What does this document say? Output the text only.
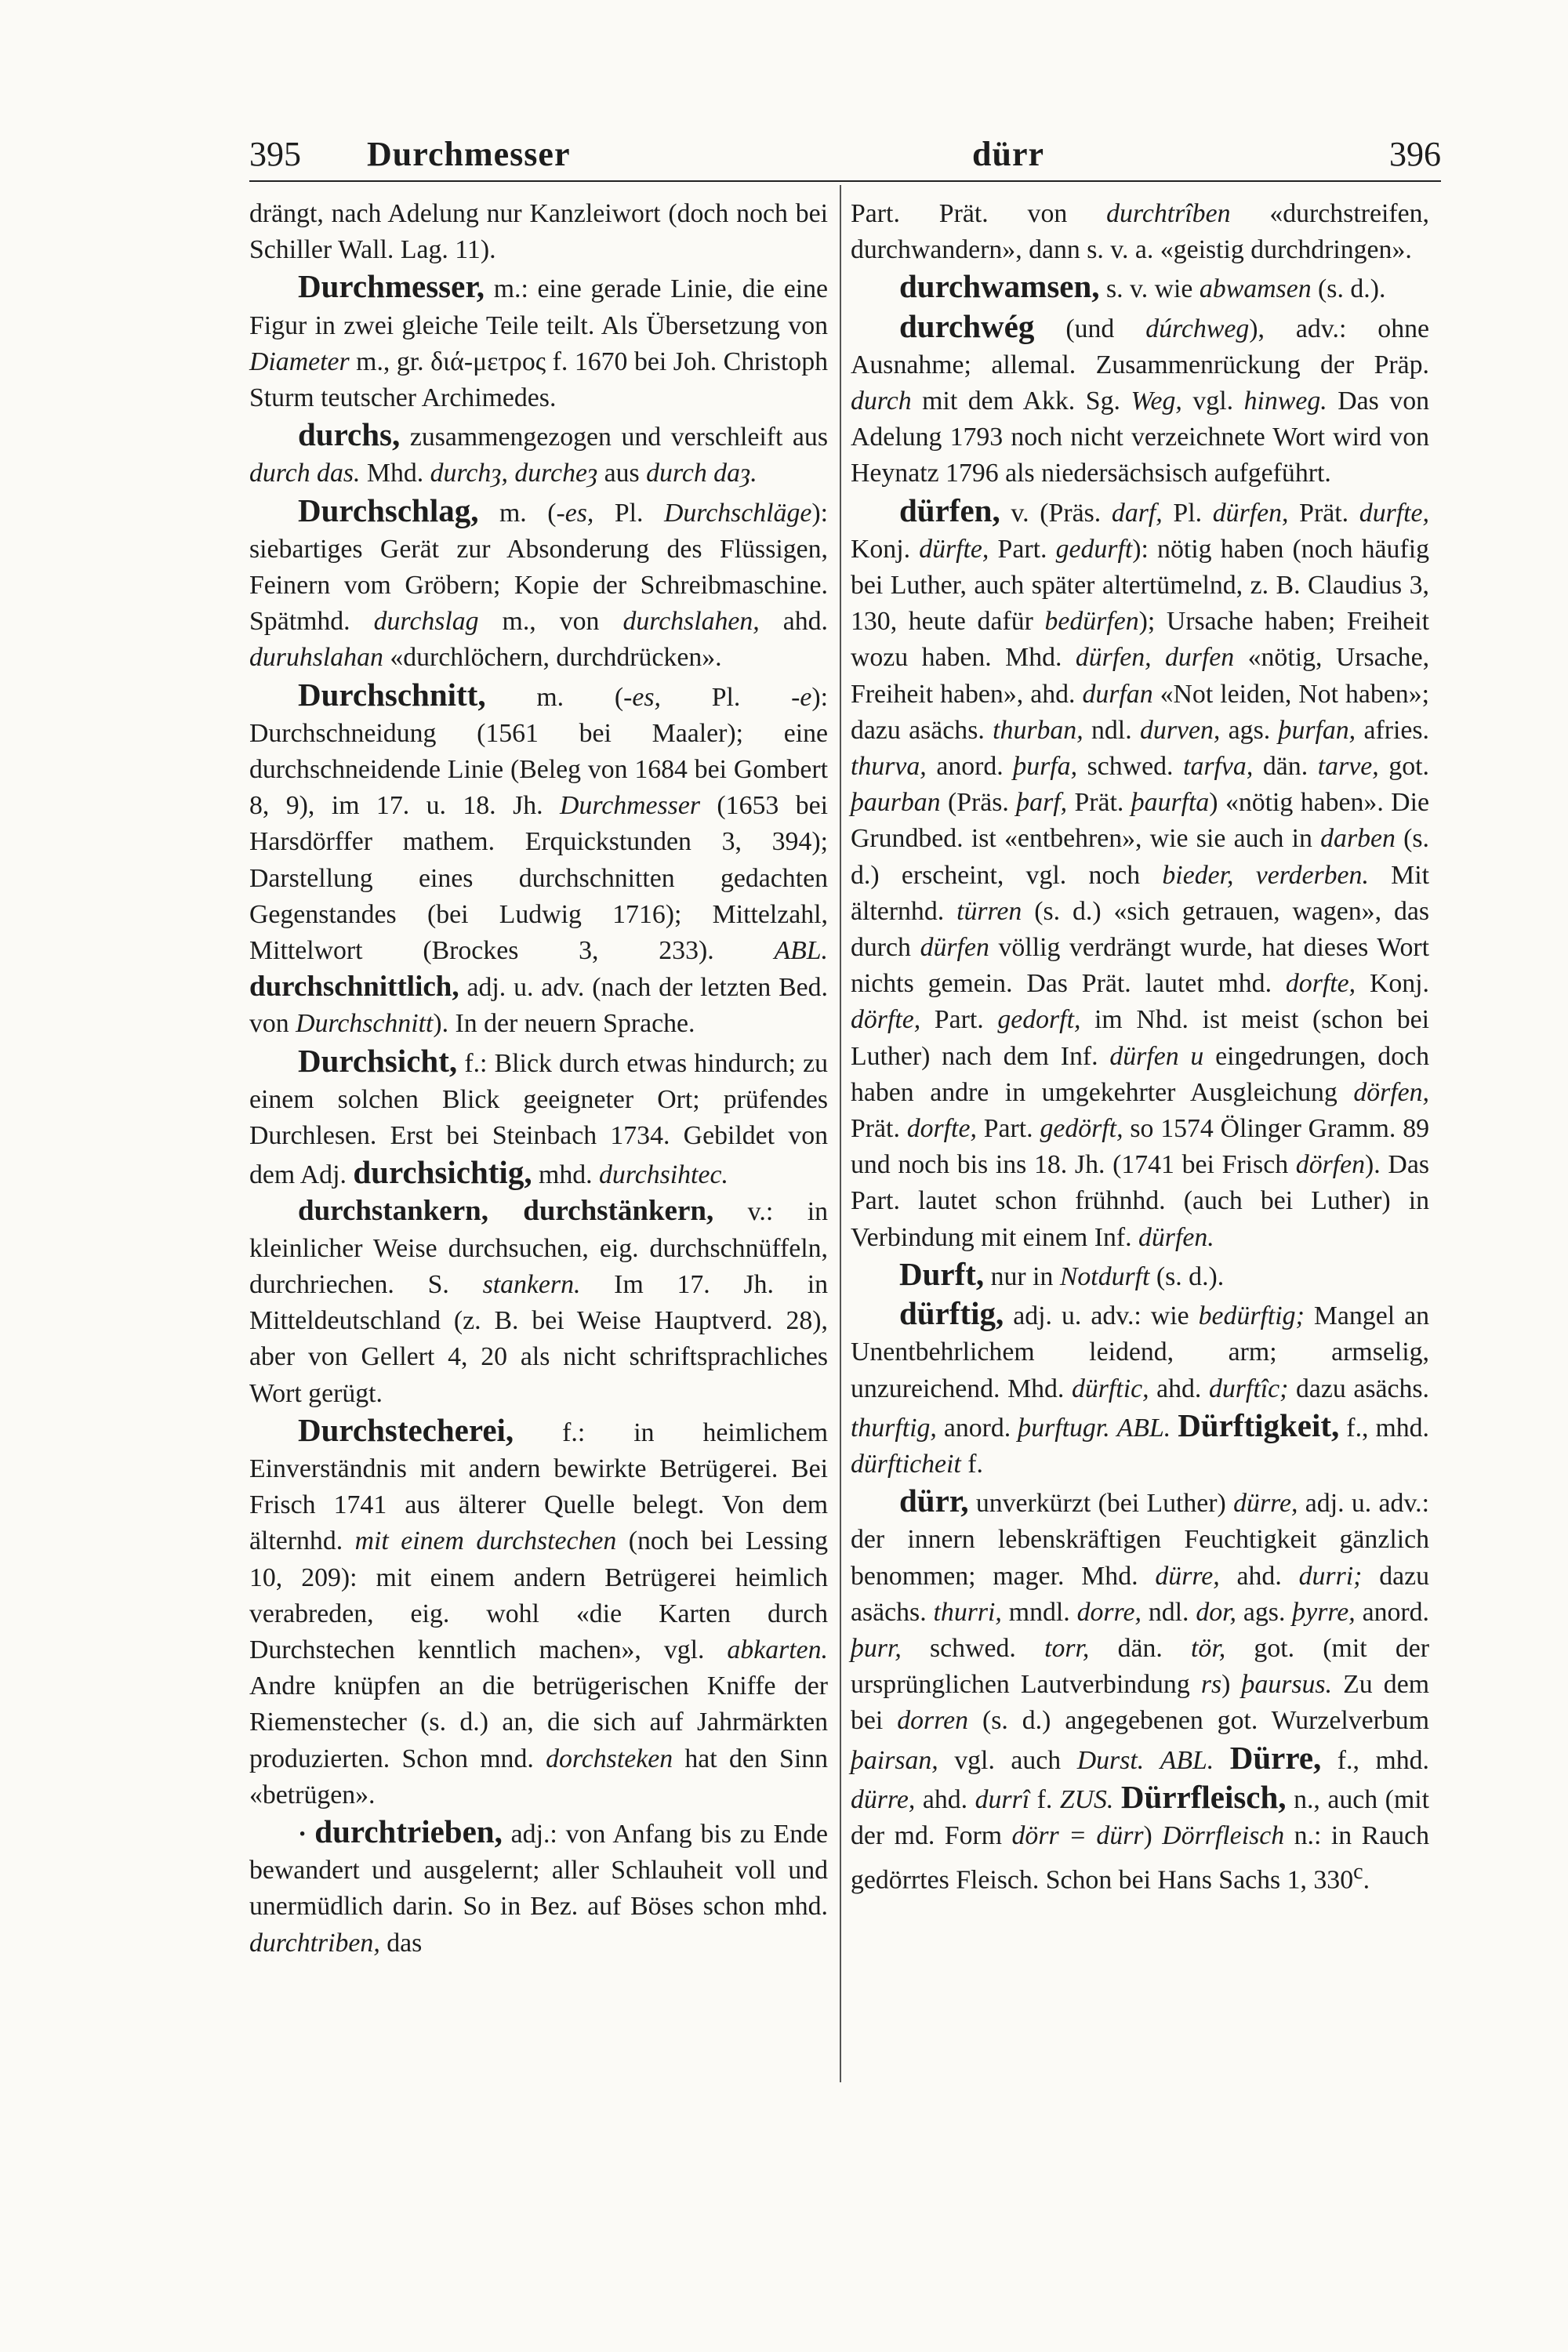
395 Durchmesser	dürr	396

drängt, nach Adelung nur Kanzleiwort (doch noch bei Schiller Wall. Lag. 11).

Durchmesser, m.: eine gerade Linie, die eine Figur in zwei gleiche Teile teilt. Als Übersetzung von Diameter m., gr. διά-μετρος f. 1670 bei Joh. Christoph Sturm teutscher Archimedes.

durchs, zusammengezogen und verschleift aus durch das. Mhd. durchȝ, durcheȝ aus durch daȝ.

Durchschlag, m. (-es, Pl. Durchschläge): siebartiges Gerät zur Absonderung des Flüssigen, Feinern vom Gröbern; Kopie der Schreibmaschine. Spätmhd. durchslag m., von durchslahen, ahd. duruhslahan «durchlöchern, durchdrücken».

Durchschnitt, m. (-es, Pl. -e): Durchschneidung (1561 bei Maaler); eine durchschneidende Linie (Beleg von 1684 bei Gombert 8, 9), im 17. u. 18. Jh. Durchmesser (1653 bei Harsdörffer mathem. Erquickstunden 3, 394); Darstellung eines durchschnitten gedachten Gegenstandes (bei Ludwig 1716); Mittelzahl, Mittelwort (Brockes 3, 233). ABL. durchschnittlich, adj. u. adv. (nach der letzten Bed. von Durchschnitt). In der neuern Sprache.

Durchsicht, f.: Blick durch etwas hindurch; zu einem solchen Blick geeigneter Ort; prüfendes Durchlesen. Erst bei Steinbach 1734. Gebildet von dem Adj. durchsichtig, mhd. durchsihtec.

durchstankern, durchstänkern, v.: in kleinlicher Weise durchsuchen, eig. durchschnüffeln, durchriechen. S. stankern. Im 17. Jh. in Mitteldeutschland (z. B. bei Weise Hauptverd. 28), aber von Gellert 4, 20 als nicht schriftsprachliches Wort gerügt.

Durchstecherei, f.: in heimlichem Einverständnis mit andern bewirkte Betrügerei. Bei Frisch 1741 aus älterer Quelle belegt. Von dem älternhd. mit einem durchstechen (noch bei Lessing 10, 209): mit einem andern Betrügerei heimlich verabreden, eig. wohl «die Karten durch Durchstechen kenntlich machen», vgl. abkarten. Andre knüpfen an die betrügerischen Kniffe der Riemenstecher (s. d.) an, die sich auf Jahrmärkten produzierten. Schon mnd. dorchsteken hat den Sinn «betrügen».

· durchtrieben, adj.: von Anfang bis zu Ende bewandert und ausgelernt; aller Schlauheit voll und unermüdlich darin. So in Bez. auf Böses schon mhd. durchtriben, das

Part. Prät. von durchtrîben «durchstreifen, durchwandern», dann s. v. a. «geistig durchdringen».

durchwamsen, s. v. wie abwamsen (s. d.).

durchwég (und dúrchweg), adv.: ohne Ausnahme; allemal. Zusammenrückung der Präp. durch mit dem Akk. Sg. Weg, vgl. hinweg. Das von Adelung 1793 noch nicht verzeichnete Wort wird von Heynatz 1796 als niedersächsisch aufgeführt.

dürfen, v. (Präs. darf, Pl. dürfen, Prät. durfte, Konj. dürfte, Part. gedurft): nötig haben (noch häufig bei Luther, auch später altertümelnd, z. B. Claudius 3, 130, heute dafür bedürfen); Ursache haben; Freiheit wozu haben. Mhd. dürfen, durfen «nötig, Ursache, Freiheit haben», ahd. durfan «Not leiden, Not haben»; dazu asächs. thurban, ndl. durven, ags. þurfan, afries. thurva, anord. þurfa, schwed. tarfva, dän. tarve, got. þaurban (Präs. þarf, Prät. þaurfta) «nötig haben». Die Grundbed. ist «entbehren», wie sie auch in darben (s. d.) erscheint, vgl. noch bieder, verderben. Mit älternhd. türren (s. d.) «sich getrauen, wagen», das durch dürfen völlig verdrängt wurde, hat dieses Wort nichts gemein. Das Prät. lautet mhd. dorfte, Konj. dörfte, Part. gedorft, im Nhd. ist meist (schon bei Luther) nach dem Inf. dürfen u eingedrungen, doch haben andre in umgekehrter Ausgleichung dörfen, Prät. dorfte, Part. gedörft, so 1574 Ölinger Gramm. 89 und noch bis ins 18. Jh. (1741 bei Frisch dörfen). Das Part. lautet schon frühnhd. (auch bei Luther) in Verbindung mit einem Inf. dürfen.

Durft, nur in Notdurft (s. d.).

dürftig, adj. u. adv.: wie bedürftig; Mangel an Unentbehrlichem leidend, arm; armselig, unzureichend. Mhd. dürftic, ahd. durftîc; dazu asächs. thurftig, anord. þurftugr. ABL. Dürftigkeit, f., mhd. dürfticheit f.

dürr, unverkürzt (bei Luther) dürre, adj. u. adv.: der innern lebenskräftigen Feuchtigkeit gänzlich benommen; mager. Mhd. dürre, ahd. durri; dazu asächs. thurri, mndl. dorre, ndl. dor, ags. þyrre, anord. þurr, schwed. torr, dän. tör, got. (mit der ursprünglichen Lautverbindung rs) þaursus. Zu dem bei dorren (s. d.) angegebenen got. Wurzelverbum þairsan, vgl. auch Durst. ABL. Dürre, f., mhd. dürre, ahd. durrî f. ZUS. Dürrfleisch, n., auch (mit der md. Form dörr = dürr) Dörrfleisch n.: in Rauch gedörrtes Fleisch. Schon bei Hans Sachs 1, 330$^c$.
